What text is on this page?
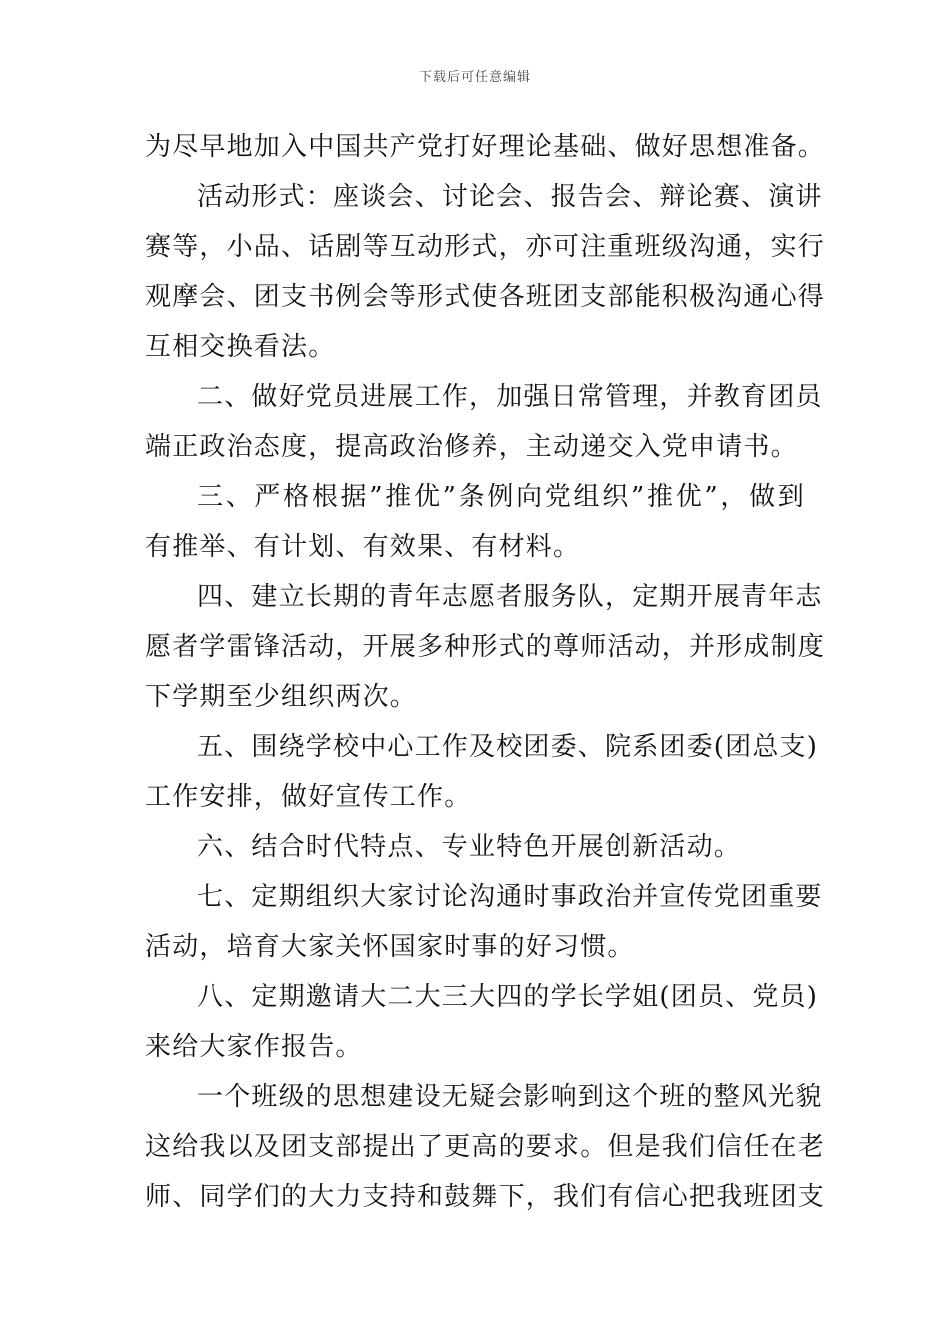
下载后可任意编辑
为尽早地加入中国共产党打好理论基础、做好思想准备。
活动形式：座谈会、讨论会、报告会、辩论赛、演讲
赛等，小品、话剧等互动形式，亦可注重班级沟通，实行
观摩会、团支书例会等形式使各班团支部能积极沟通心得
互相交换看法。
二、做好党员进展工作，加强日常管理，并教育团员
端正政治态度，提高政治修养，主动递交入党申请书。
三、严格根据”推优”条例向党组织”推优”，做到
有推举、有计划、有效果、有材料。
四、建立长期的青年志愿者服务队，定期开展青年志
愿者学雷锋活动，开展多种形式的尊师活动，并形成制度
下学期至少组织两次。
五、围绕学校中心工作及校团委、院系团委(团总支)
工作安排，做好宣传工作。
六、结合时代特点、专业特色开展创新活动。
七、定期组织大家讨论沟通时事政治并宣传党团重要
活动，培育大家关怀国家时事的好习惯。
八、定期邀请大二大三大四的学长学姐(团员、党员)
来给大家作报告。
一个班级的思想建设无疑会影响到这个班的整风光貌
这给我以及团支部提出了更高的要求。但是我们信任在老
师、同学们的大力支持和鼓舞下，我们有信心把我班团支
